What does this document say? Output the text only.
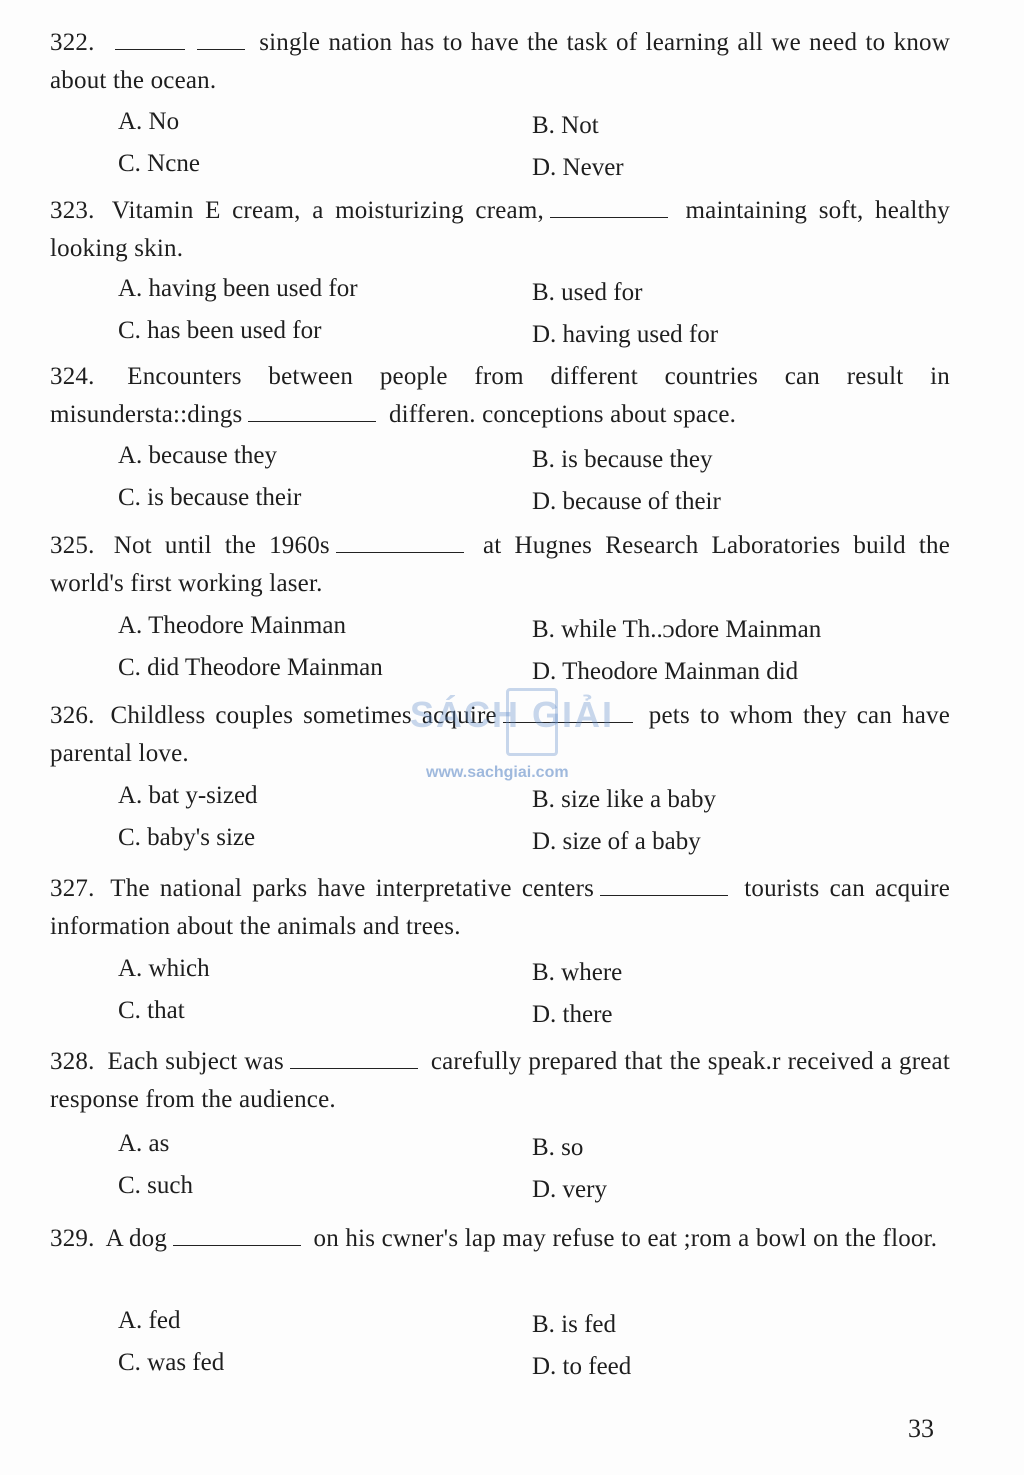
322.	single nation has to have the task of learning all we need to know about the ocean.
A. No	B. Not
C. Ncne	D. Never
323. Vitamin E cream, a moisturizing cream,	maintaining soft, healthy looking skin.
A. having been used for	B. used for
C. has been used for	D. having used for
324. Encounters between people from different countries can result in misundersta::dings	differen. conceptions about space.
A. because they	B. is because they
C. is because their	D. because of their
325. Not until the 1960s	at Hugnes Research Laboratories build the world's first working laser.
A. Theodore Mainman	B. while Th..ᴐdore Mainman
C. did Theodore Mainman	D. Theodore Mainman did
326. Childless couples sometimes acquire	pets to whom they can have parental love.
A. bat y-sized	B. size like a baby
C. baby's size	D. size of a baby
327. The national parks have interpretative centers	tourists can acquire information about the animals and trees.
A. which	B. where
C. that	D. there
328. Each subject was	carefully prepared that the speak.r received a great response from the audience.
A. as	B. so
C. such	D. very
329. A dog	on his cwner's lap may refuse to eat ;rom a bowl on the floor.
A. fed	B. is fed
C. was fed	D. to feed
SÁCH GIẢI
www.sachgiai.com
33
